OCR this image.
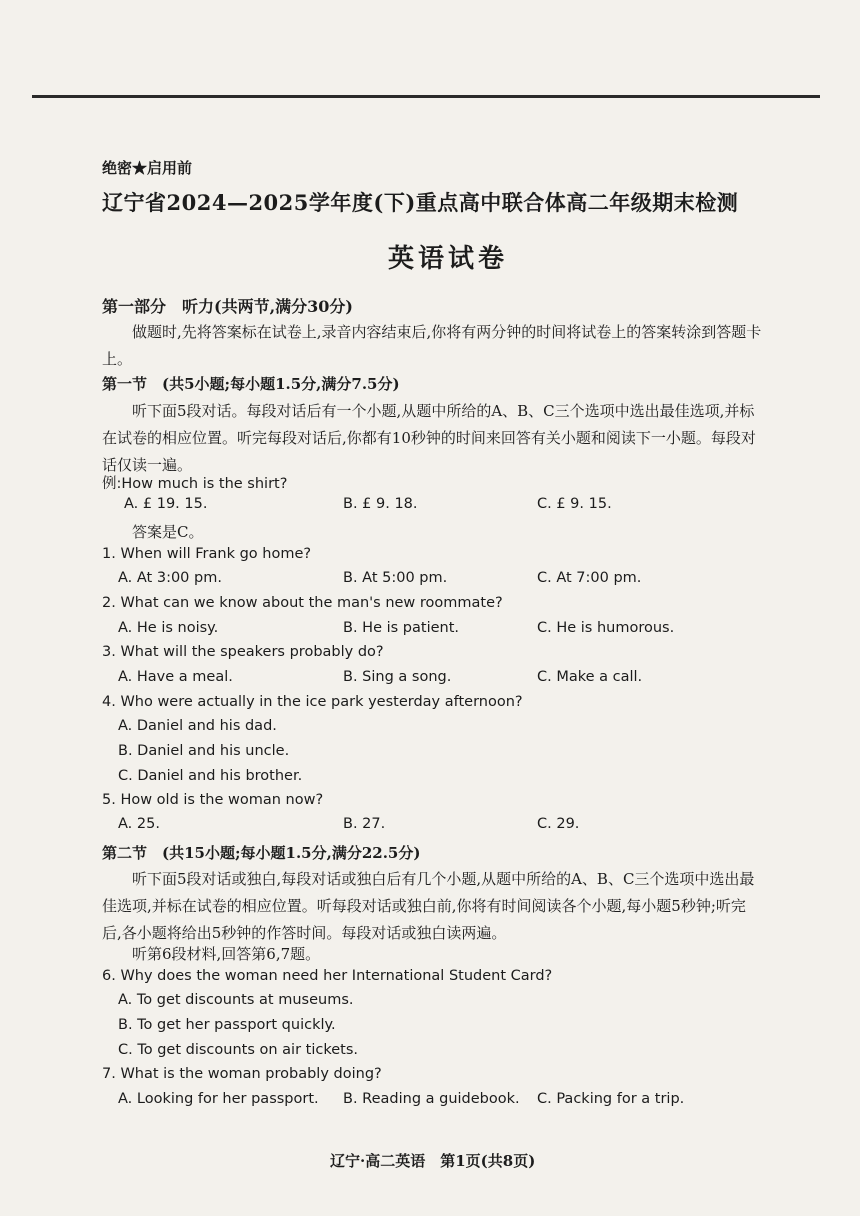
绝密★启用前
辽宁省2024—2025学年度(下)重点高中联合体高二年级期末检测
英语试卷
第一部分　听力(共两节,满分30分)
做题时,先将答案标在试卷上,录音内容结束后,你将有两分钟的时间将试卷上的答案转涂到答题卡上。
第一节　(共5小题;每小题1.5分,满分7.5分)
听下面5段对话。每段对话后有一个小题,从题中所给的A、B、C三个选项中选出最佳选项,并标在试卷的相应位置。听完每段对话后,你都有10秒钟的时间来回答有关小题和阅读下一小题。每段对话仅读一遍。
例:How much is the shirt?
A. £ 19. 15.	B. £ 9. 18.	C. £ 9. 15.
答案是C。
1. When will Frank go home?
A. At 3:00 pm.	B. At 5:00 pm.	C. At 7:00 pm.
2. What can we know about the man's new roommate?
A. He is noisy.	B. He is patient.	C. He is humorous.
3. What will the speakers probably do?
A. Have a meal.	B. Sing a song.	C. Make a call.
4. Who were actually in the ice park yesterday afternoon?
A. Daniel and his dad.
B. Daniel and his uncle.
C. Daniel and his brother.
5. How old is the woman now?
A. 25.	B. 27.	C. 29.
第二节　(共15小题;每小题1.5分,满分22.5分)
听下面5段对话或独白,每段对话或独白后有几个小题,从题中所给的A、B、C三个选项中选出最佳选项,并标在试卷的相应位置。听每段对话或独白前,你将有时间阅读各个小题,每小题5秒钟;听完后,各小题将给出5秒钟的作答时间。每段对话或独白读两遍。
听第6段材料,回答第6,7题。
6. Why does the woman need her International Student Card?
A. To get discounts at museums.
B. To get her passport quickly.
C. To get discounts on air tickets.
7. What is the woman probably doing?
A. Looking for her passport. B. Reading a guidebook. C. Packing for a trip.
辽宁·高二英语　第1页(共8页)
